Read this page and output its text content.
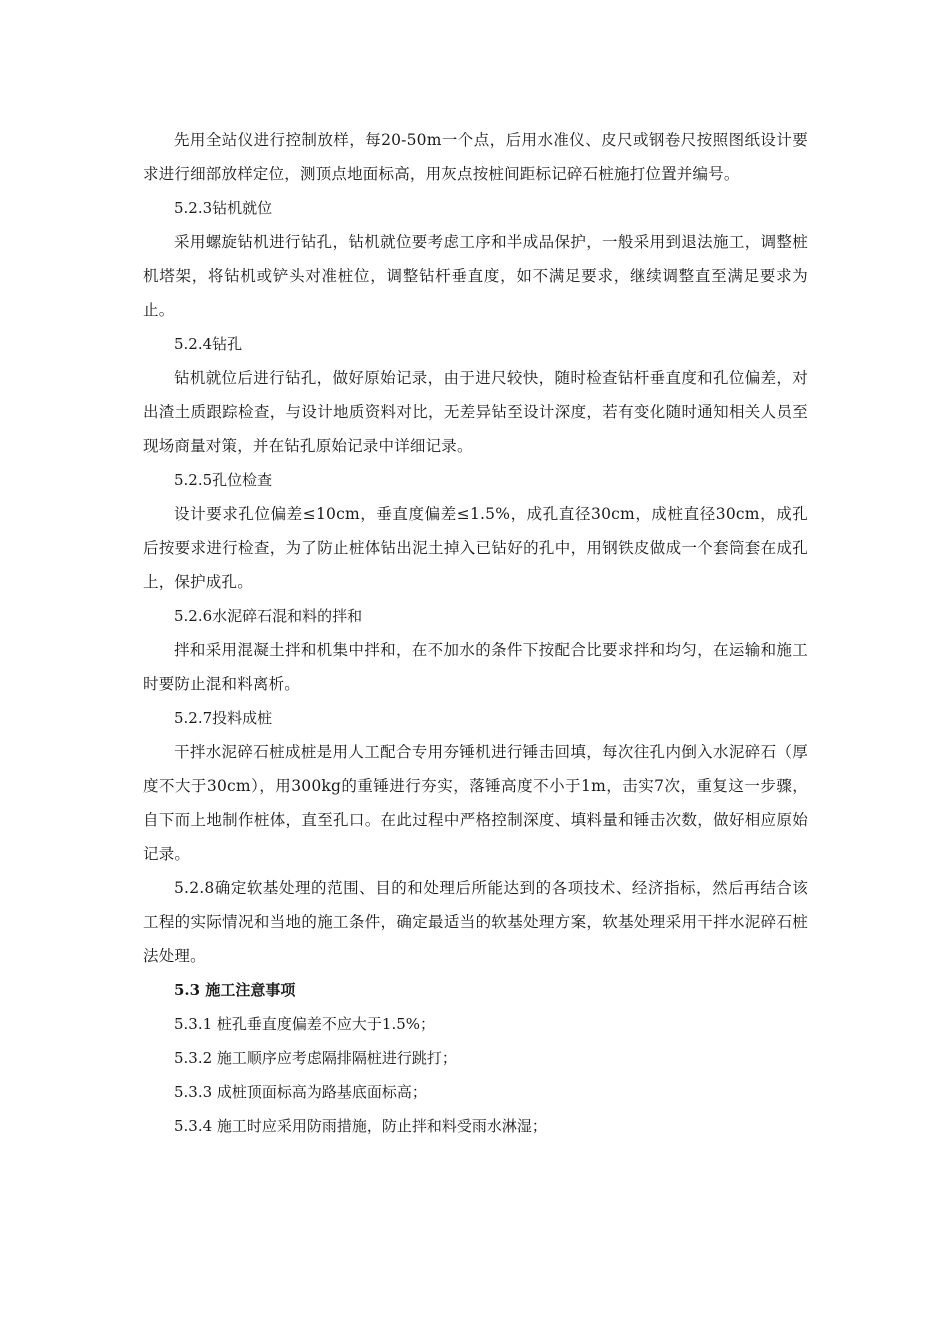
先用全站仪进行控制放样，每20-50m一个点，后用水准仪、皮尺或钢卷尺按照图纸设计要求进行细部放样定位，测顶点地面标高，用灰点按桩间距标记碎石桩施打位置并编号。

5.2.3钻机就位

采用螺旋钻机进行钻孔，钻机就位要考虑工序和半成品保护，一般采用到退法施工，调整桩机塔架，将钻机或铲头对准桩位，调整钻杆垂直度，如不满足要求，继续调整直至满足要求为止。

5.2.4钻孔

钻机就位后进行钻孔，做好原始记录，由于进尺较快，随时检查钻杆垂直度和孔位偏差，对出渣土质跟踪检查，与设计地质资料对比，无差异钻至设计深度，若有变化随时通知相关人员至现场商量对策，并在钻孔原始记录中详细记录。

5.2.5孔位检查

设计要求孔位偏差≤10cm，垂直度偏差≤1.5%，成孔直径30cm，成桩直径30cm，成孔后按要求进行检查，为了防止桩体钻出泥土掉入已钻好的孔中，用钢铁皮做成一个套筒套在成孔上，保护成孔。

5.2.6水泥碎石混和料的拌和

拌和采用混凝土拌和机集中拌和，在不加水的条件下按配合比要求拌和均匀，在运输和施工时要防止混和料离析。

5.2.7投料成桩

干拌水泥碎石桩成桩是用人工配合专用夯锤机进行锤击回填，每次往孔内倒入水泥碎石（厚度不大于30cm），用300kg的重锤进行夯实，落锤高度不小于1m，击实7次，重复这一步骤，自下而上地制作桩体，直至孔口。在此过程中严格控制深度、填料量和锤击次数，做好相应原始记录。

5.2.8确定软基处理的范围、目的和处理后所能达到的各项技术、经济指标，然后再结合该工程的实际情况和当地的施工条件，确定最适当的软基处理方案，软基处理采用干拌水泥碎石桩法处理。

5.3 施工注意事项

5.3.1 桩孔垂直度偏差不应大于1.5%；

5.3.2 施工顺序应考虑隔排隔桩进行跳打；

5.3.3 成桩顶面标高为路基底面标高；

5.3.4 施工时应采用防雨措施，防止拌和料受雨水淋湿；
